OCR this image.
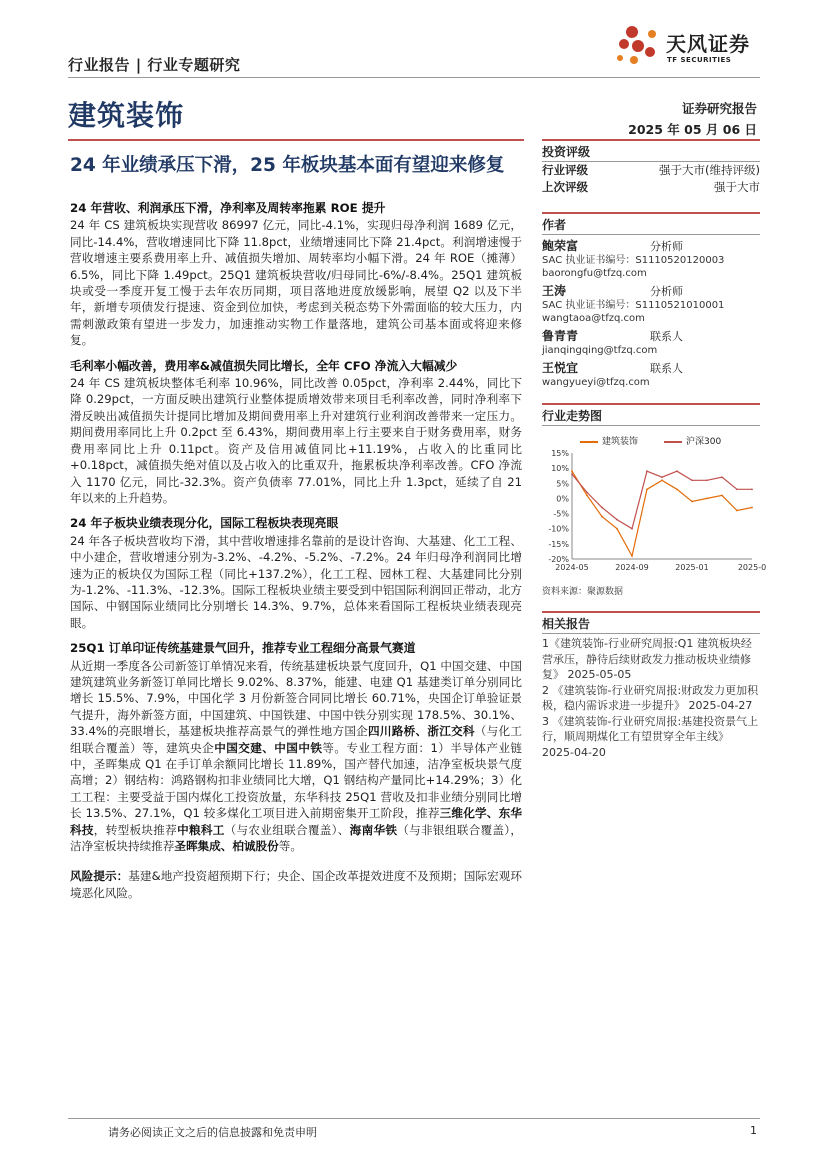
行业报告 | 行业专题研究
天风证券
TF SECURITIES
建筑装饰	证券研究报告
2025 年 05 月 06 日
24 年业绩承压下滑，25 年板块基本面有望迎来修复
24 年营收、利润承压下滑，净利率及周转率拖累 ROE 提升

24 年 CS 建筑板块实现营收 86997 亿元，同比-4.1%，实现归母净利润 1689 亿元，同比-14.4%，营收增速同比下降 11.8pct，业绩增速同比下降 21.4pct。利润增速慢于营收增速主要系费用率上升、减值损失增加、周转率均小幅下滑。24 年 ROE（摊薄）6.5%，同比下降 1.49pct。25Q1 建筑板块营收/归母同比-6%/-8.4%。25Q1 建筑板块或受一季度开复工慢于去年农历同期，项目落地进度放缓影响，展望 Q2 以及下半年，新增专项债发行提速、资金到位加快，考虑到关税态势下外需面临的较大压力，内需刺激政策有望进一步发力，加速推动实物工作量落地，建筑公司基本面或将迎来修复。

毛利率小幅改善，费用率&减值损失同比增长，全年 CFO 净流入大幅减少

24 年 CS 建筑板块整体毛利率 10.96%，同比改善 0.05pct，净利率 2.44%，同比下降 0.29pct，一方面反映出建筑行业整体提质增效带来项目毛利率改善，同时净利率下滑反映出减值损失计提同比增加及期间费用率上升对建筑行业利润改善带来一定压力。期间费用率同比上升 0.2pct 至 6.43%，期间费用率上行主要来自于财务费用率，财务费用率同比上升 0.11pct。资产及信用减值同比+11.19%，占收入的比重同比+0.18pct，减值损失绝对值以及占收入的比重双升，拖累板块净利率改善。CFO 净流入 1170 亿元，同比-32.3%。资产负债率 77.01%，同比上升 1.3pct，延续了自 21 年以来的上升趋势。

24 年子板块业绩表现分化，国际工程板块表现亮眼

24 年各子板块营收均下滑，其中营收增速排名靠前的是设计咨询、大基建、化工工程、中小建企，营收增速分别为-3.2%、-4.2%、-5.2%、-7.2%。24 年归母净利润同比增速为正的板块仅为国际工程（同比+137.2%），化工工程、园林工程、大基建同比分别为-1.2%、-11.3%、-12.3%。国际工程板块业绩主要受到中铝国际利润回正带动，北方国际、中钢国际业绩同比分别增长 14.3%、9.7%，总体来看国际工程板块业绩表现亮眼。

25Q1 订单印证传统基建景气回升，推荐专业工程细分高景气赛道

从近期一季度各公司新签订单情况来看，传统基建板块景气度回升，Q1 中国交建、中国建筑建筑业务新签订单同比增长 9.02%、8.37%，能建、电建 Q1 基建类订单分别同比增长 15.5%、7.9%，中国化学 3 月份新签合同同比增长 60.71%，央国企订单验证景气提升，海外新签方面，中国建筑、中国铁建、中国中铁分别实现 178.5%、30.1%、33.4%的亮眼增长，基建板块推荐高景气的弹性地方国企四川路桥、浙江交科（与化工组联合覆盖）等，建筑央企中国交建、中国中铁等。专业工程方面：1）半导体产业链中，圣晖集成 Q1 在手订单余额同比增长 11.89%，国产替代加速，洁净室板块景气度高增；2）钢结构：鸿路钢构扣非业绩同比大增，Q1 钢结构产量同比+14.29%；3）化工工程：主要受益于国内煤化工投资放量，东华科技 25Q1 营收及扣非业绩分别同比增长 13.5%、27.1%，Q1 较多煤化工项目进入前期密集开工阶段，推荐三维化学、东华科技，转型板块推荐中粮科工（与农业组联合覆盖）、海南华铁（与非银组联合覆盖），洁净室板块持续推荐圣晖集成、柏诚股份等。

风险提示：基建&地产投资超预期下行；央企、国企改革提效进度不及预期；国际宏观环境恶化风险。

投资评级
行业评级	强于大市(维持评级)
上次评级	强于大市
作者
鲍荣富	分析师
SAC 执业证书编号：S1110520120003
baorongfu@tfzq.com
王涛	分析师
SAC 执业证书编号：S1110521010001
wangtaoa@tfzq.com
鲁青青	联系人
jianqingqing@tfzq.com
王悦宜	联系人
wangyueyi@tfzq.com
行业走势图
建筑装饰	沪深300
15%
10%
5%
0%
-5%
-10%
-15%
-20%
2024-05	2024-09	2025-01	2025-0
资料来源：聚源数据
相关报告

1《建筑装饰-行业研究周报:Q1 建筑板块经营承压，静待后续财政发力推动板块业绩修复》 2025-05-05

2 《建筑装饰-行业研究周报:财政发力更加积极，稳内需诉求进一步提升》 2025-04-27

3 《建筑装饰-行业研究周报:基建投资景气上行，顺周期煤化工有望贯穿全年主线》 2025-04-20

请务必阅读正文之后的信息披露和免责申明	1
